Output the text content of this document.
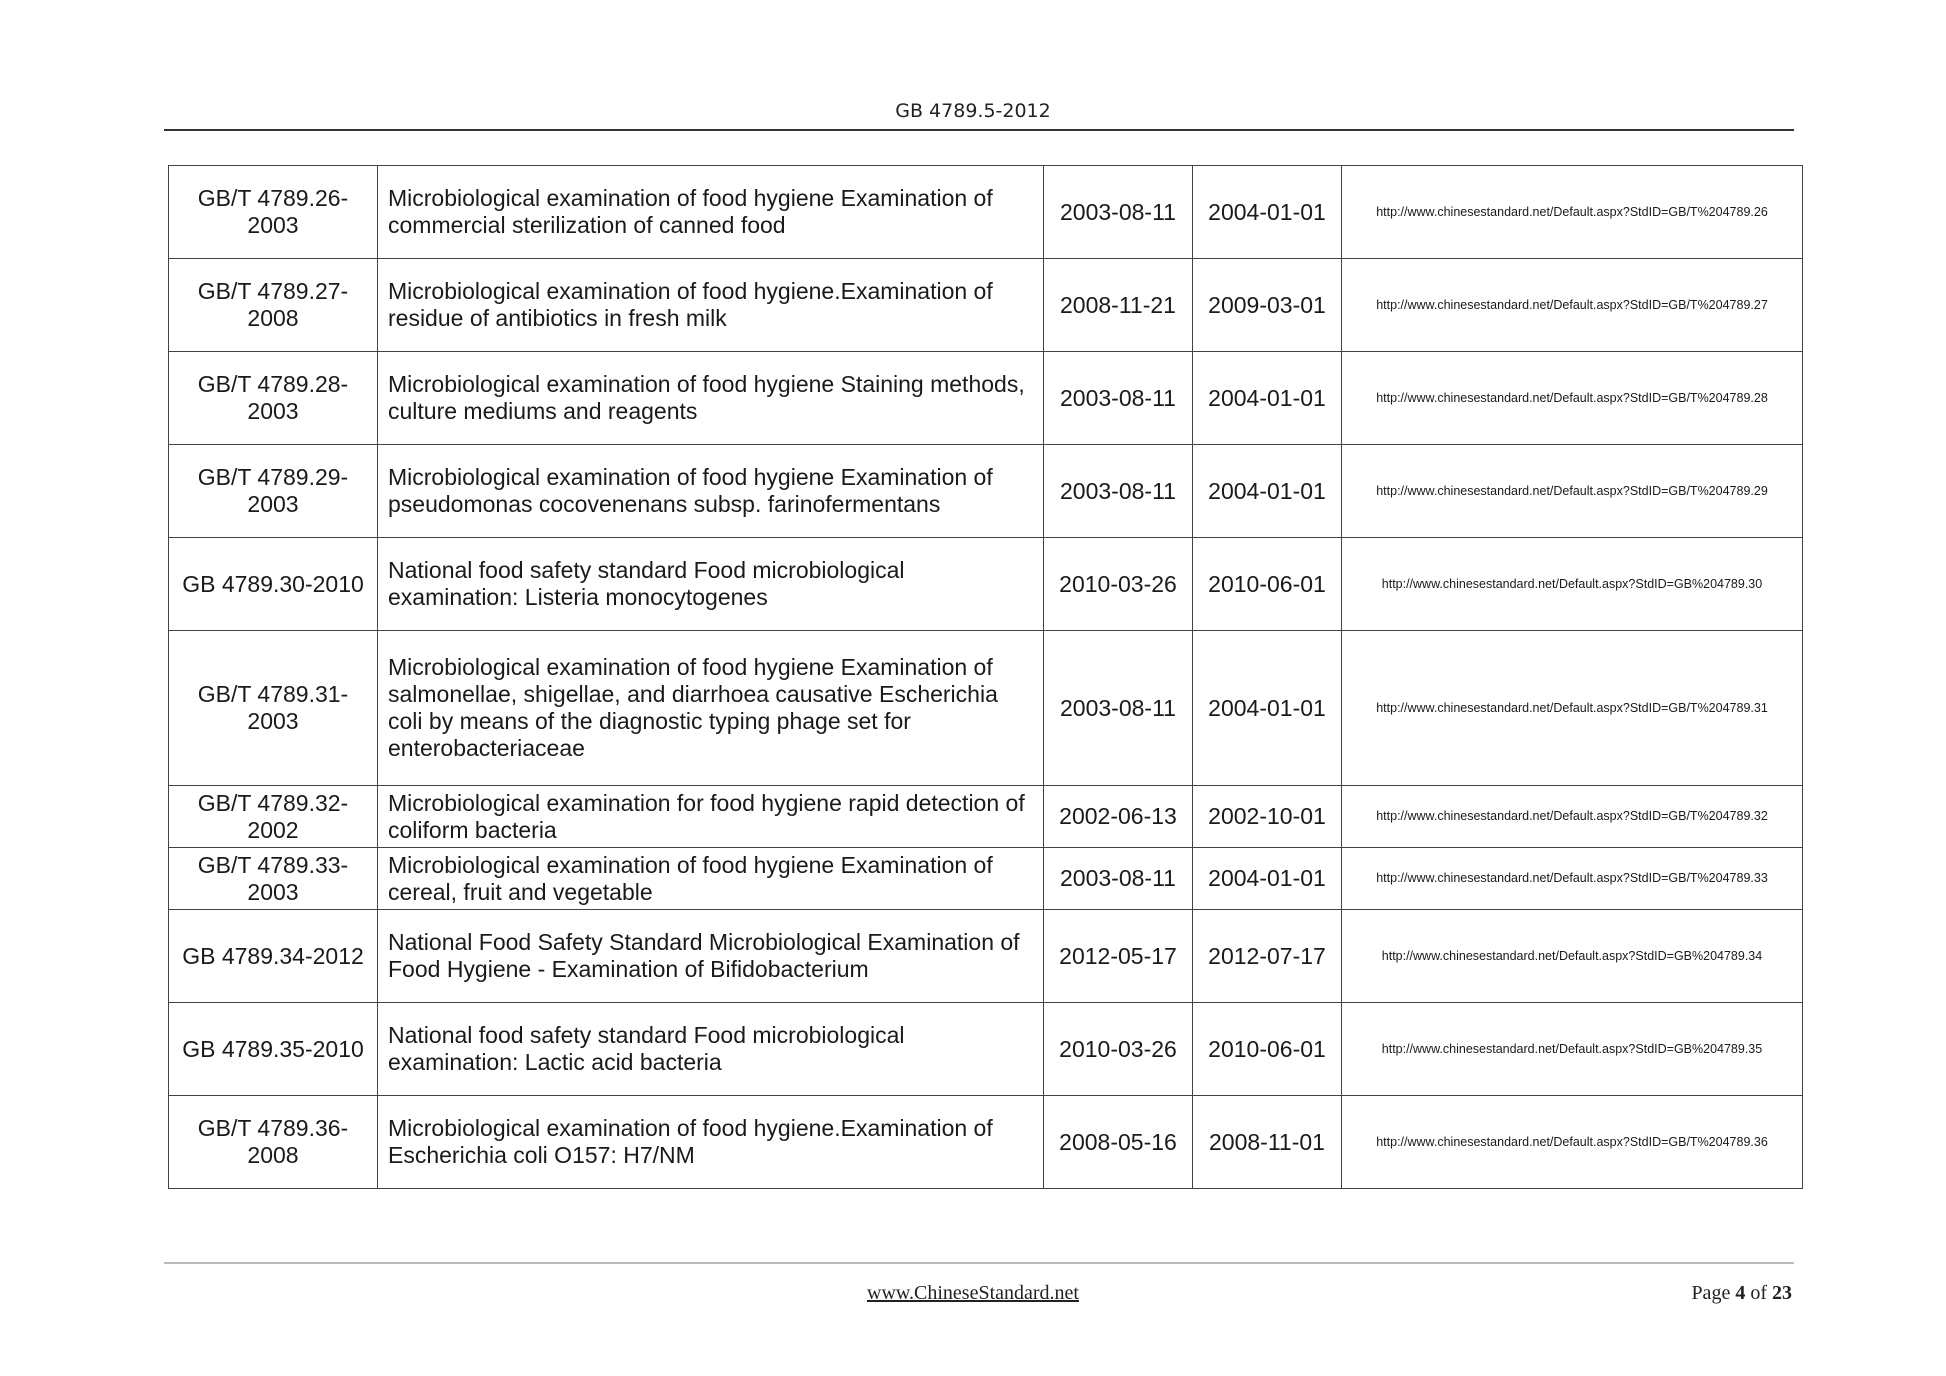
GB 4789.5-2012
GB/T 4789.26-2003	Microbiological examination of food hygiene Examination of commercial sterilization of canned food	2003-08-11	2004-01-01	http://www.chinesestandard.net/Default.aspx?StdID=GB/T%204789.26
GB/T 4789.27-2008	Microbiological examination of food hygiene.Examination of residue of antibiotics in fresh milk	2008-11-21	2009-03-01	http://www.chinesestandard.net/Default.aspx?StdID=GB/T%204789.27
GB/T 4789.28-2003	Microbiological examination of food hygiene Staining methods, culture mediums and reagents	2003-08-11	2004-01-01	http://www.chinesestandard.net/Default.aspx?StdID=GB/T%204789.28
GB/T 4789.29-2003	Microbiological examination of food hygiene Examination of pseudomonas cocovenenans subsp. farinofermentans	2003-08-11	2004-01-01	http://www.chinesestandard.net/Default.aspx?StdID=GB/T%204789.29
GB 4789.30-2010	National food safety standard Food microbiological examination: Listeria monocytogenes	2010-03-26	2010-06-01	http://www.chinesestandard.net/Default.aspx?StdID=GB%204789.30
GB/T 4789.31-2003	Microbiological examination of food hygiene Examination of salmonellae, shigellae, and diarrhoea causative Escherichia coli by means of the diagnostic typing phage set for enterobacteriaceae	2003-08-11	2004-01-01	http://www.chinesestandard.net/Default.aspx?StdID=GB/T%204789.31
GB/T 4789.32-2002	Microbiological examination for food hygiene rapid detection of coliform bacteria	2002-06-13	2002-10-01	http://www.chinesestandard.net/Default.aspx?StdID=GB/T%204789.32
GB/T 4789.33-2003	Microbiological examination of food hygiene Examination of cereal, fruit and vegetable	2003-08-11	2004-01-01	http://www.chinesestandard.net/Default.aspx?StdID=GB/T%204789.33
GB 4789.34-2012	National Food Safety Standard Microbiological Examination of Food Hygiene - Examination of Bifidobacterium	2012-05-17	2012-07-17	http://www.chinesestandard.net/Default.aspx?StdID=GB%204789.34
GB 4789.35-2010	National food safety standard Food microbiological examination: Lactic acid bacteria	2010-03-26	2010-06-01	http://www.chinesestandard.net/Default.aspx?StdID=GB%204789.35
GB/T 4789.36-2008	Microbiological examination of food hygiene.Examination of Escherichia coli O157: H7/NM	2008-05-16	2008-11-01	http://www.chinesestandard.net/Default.aspx?StdID=GB/T%204789.36
www.ChineseStandard.net	Page 4 of 23
